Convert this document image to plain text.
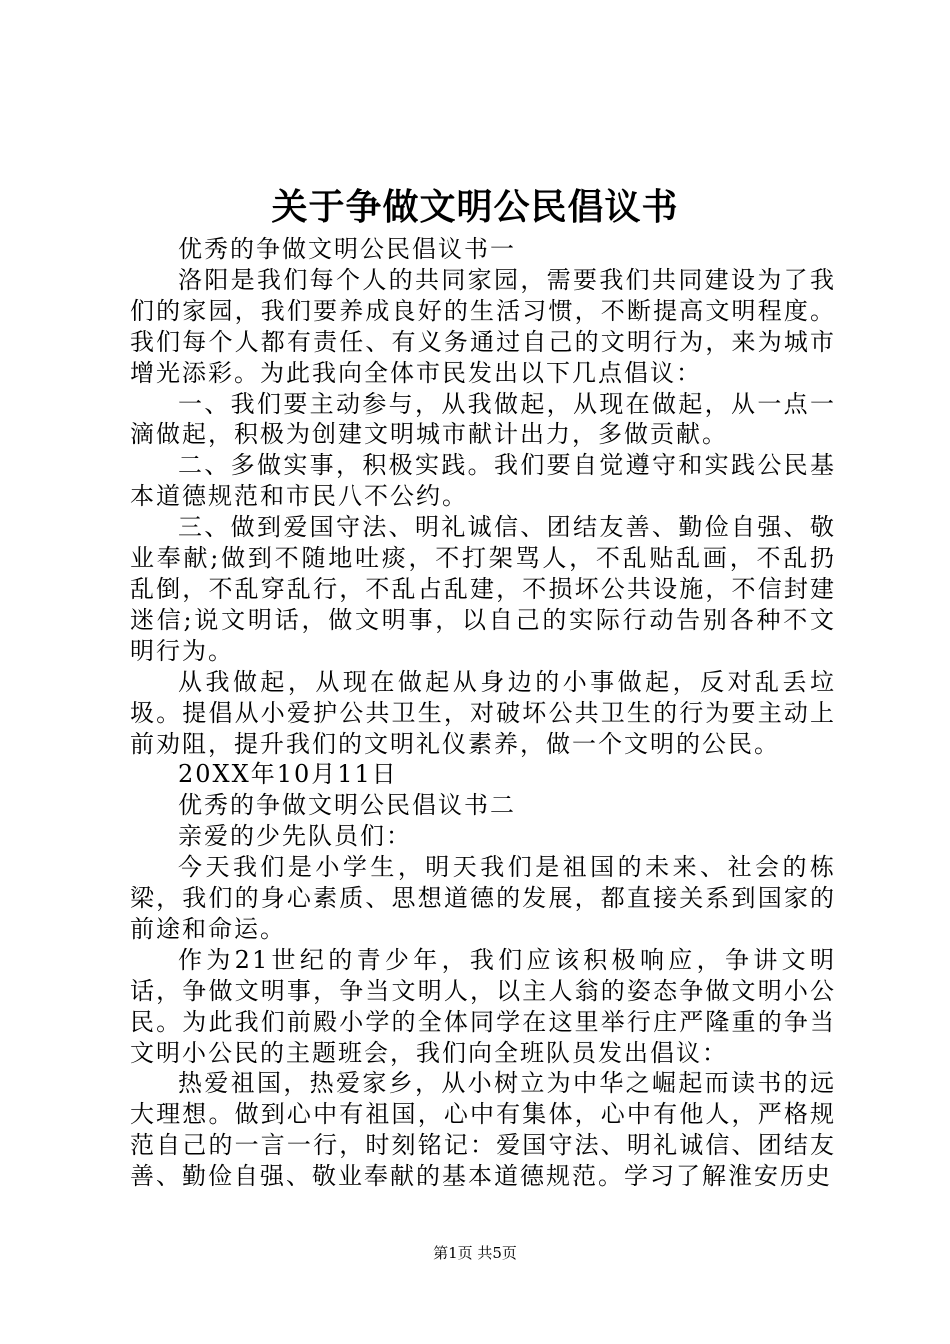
关于争做文明公民倡议书

优秀的争做文明公民倡议书一

洛阳是我们每个人的共同家园，需要我们共同建设为了我们的家园，我们要养成良好的生活习惯，不断提高文明程度。我们每个人都有责任、有义务通过自己的文明行为，来为城市增光添彩。为此我向全体市民发出以下几点倡议：

一、我们要主动参与，从我做起，从现在做起，从一点一滴做起，积极为创建文明城市献计出力，多做贡献。

二、多做实事，积极实践。我们要自觉遵守和实践公民基本道德规范和市民八不公约。

三、做到爱国守法、明礼诚信、团结友善、勤俭自强、敬业奉献;做到不随地吐痰，不打架骂人，不乱贴乱画，不乱扔乱倒，不乱穿乱行，不乱占乱建，不损坏公共设施，不信封建迷信;说文明话，做文明事，以自己的实际行动告别各种不文明行为。

从我做起，从现在做起从身边的小事做起，反对乱丢垃圾。提倡从小爱护公共卫生，对破坏公共卫生的行为要主动上前劝阻，提升我们的文明礼仪素养，做一个文明的公民。

20XX年10月11日

优秀的争做文明公民倡议书二

亲爱的少先队员们：

今天我们是小学生，明天我们是祖国的未来、社会的栋梁，我们的身心素质、思想道德的发展，都直接关系到国家的前途和命运。

作为21世纪的青少年，我们应该积极响应，争讲文明话，争做文明事，争当文明人，以主人翁的姿态争做文明小公民。为此我们前殿小学的全体同学在这里举行庄严隆重的争当文明小公民的主题班会，我们向全班队员发出倡议：

热爱祖国，热爱家乡，从小树立为中华之崛起而读书的远大理想。做到心中有祖国，心中有集体，心中有他人，严格规范自己的一言一行，时刻铭记：爱国守法、明礼诚信、团结友善、勤俭自强、敬业奉献的基本道德规范。学习了解淮安历史

第1页 共5页
